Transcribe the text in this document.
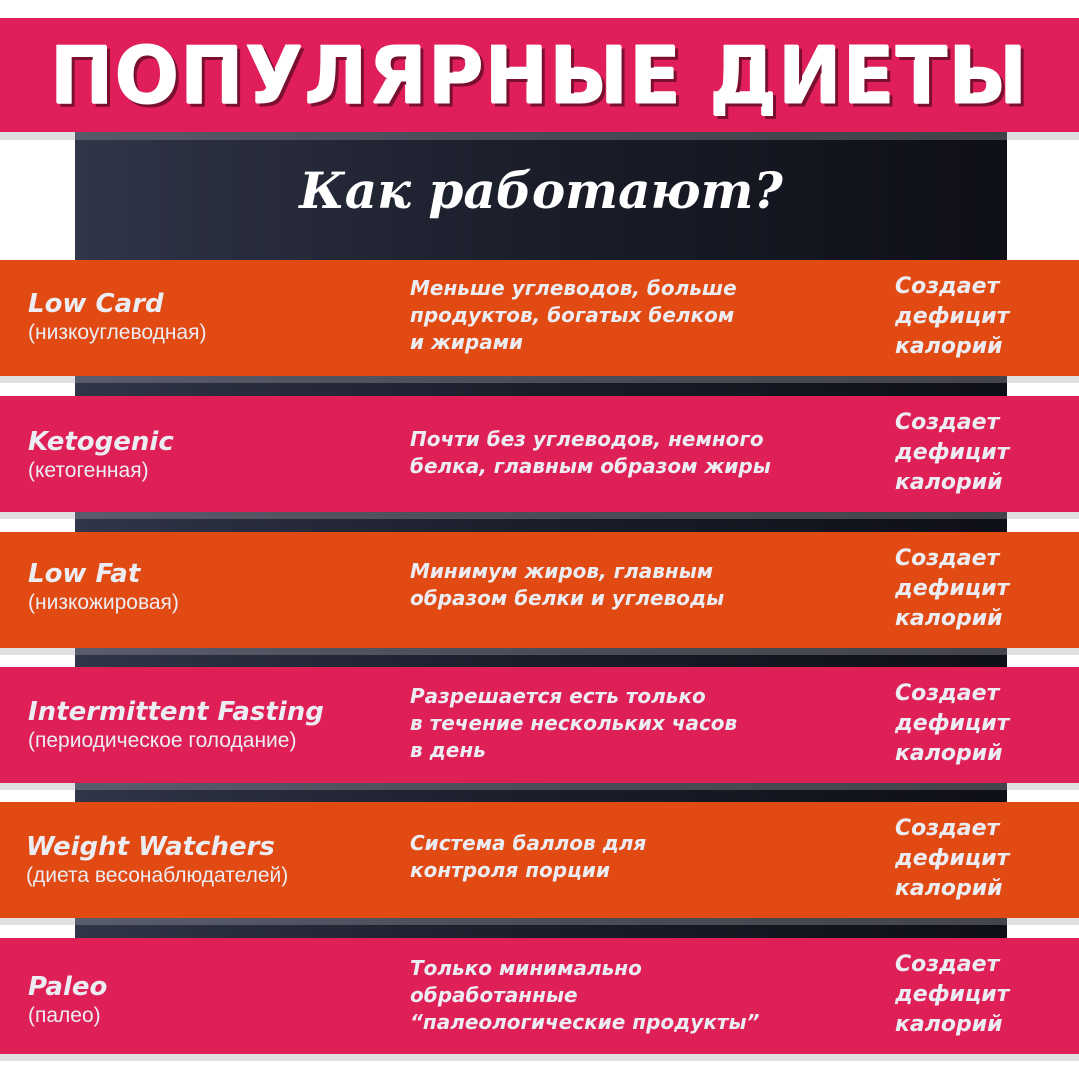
ПОПУЛЯРНЫЕ ДИЕТЫ
Как работают?
Low Card
(низкоуглеводная)
Меньше углеводов, больше
продуктов, богатых белком
и жирами
Создает
дефицит
калорий
Ketogenic
(кетогенная)
Почти без углеводов, немного
белка, главным образом жиры
Создает
дефицит
калорий
Low Fat
(низкожировая)
Минимум жиров, главным
образом белки и углеводы
Создает
дефицит
калорий
Intermittent Fasting
(периодическое голодание)
Разрешается есть только
в течение нескольких часов
в день
Создает
дефицит
калорий
Weight Watchers
(диета весонаблюдателей)
Система баллов для
контроля порции
Создает
дефицит
калорий
Paleo
(палео)
Только минимально
обработанные
“палеологические продукты”
Создает
дефицит
калорий
